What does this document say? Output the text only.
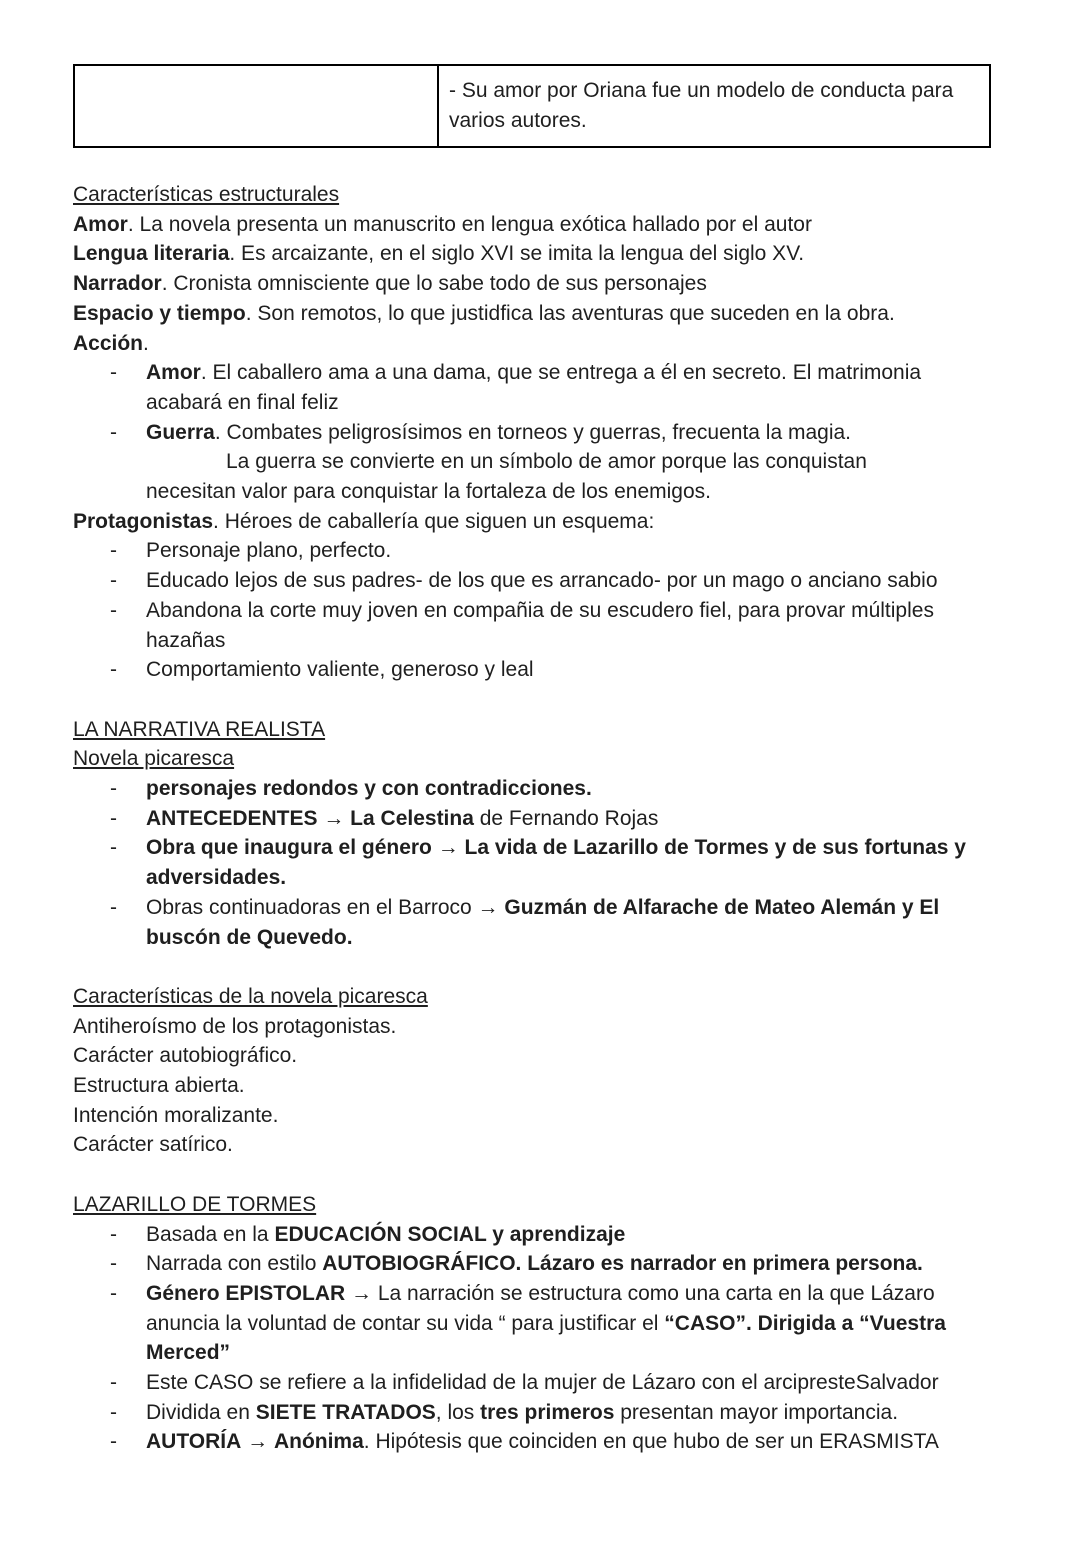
	- Su amor por Oriana fue un modelo de conducta para varios autores.
Características estructurales
Amor. La novela presenta un manuscrito en lengua exótica hallado por el autor
Lengua literaria. Es arcaizante, en el siglo XVI se imita la lengua del siglo XV.
Narrador. Cronista omnisciente que lo sabe todo de sus personajes
Espacio y tiempo. Son remotos, lo que justidfica las aventuras que suceden en la obra.
Acción.
- Amor. El caballero ama a una dama, que se entrega a él en secreto. El matrimonia acabará en final feliz
- Guerra. Combates peligrosísimos en torneos y guerras, frecuenta la magia.
La guerra se convierte en un símbolo de amor porque las conquistan
necesitan valor para conquistar la fortaleza de los enemigos.
Protagonistas. Héroes de caballería que siguen un esquema:
- Personaje plano, perfecto.
- Educado lejos de sus padres- de los que es arrancado- por un mago o anciano sabio
- Abandona la corte muy joven en compañia de su escudero fiel, para provar múltiples hazañas
- Comportamiento valiente, generoso y leal
LA NARRATIVA REALISTA
Novela picaresca
- personajes redondos y con contradicciones.
- ANTECEDENTES → La Celestina de Fernando Rojas
- Obra que inaugura el género → La vida de Lazarillo de Tormes y de sus fortunas y adversidades.
- Obras continuadoras en el Barroco → Guzmán de Alfarache de Mateo Alemán y El buscón de Quevedo.
Características de la novela picaresca
Antiheroísmo de los protagonistas.
Carácter autobiográfico.
Estructura abierta.
Intención moralizante.
Carácter satírico.
LAZARILLO DE TORMES
- Basada en la EDUCACIÓN SOCIAL y aprendizaje
- Narrada con estilo AUTOBIOGRÁFICO. Lázaro es narrador en primera persona.
- Género EPISTOLAR → La narración se estructura como una carta en la que Lázaro anuncia la voluntad de contar su vida “ para justificar el “CASO”. Dirigida a “Vuestra Merced”
- Este CASO se refiere a la infidelidad de la mujer de Lázaro con el arcipresteSalvador
- Dividida en SIETE TRATADOS, los tres primeros presentan mayor importancia.
- AUTORÍA → Anónima. Hipótesis que coinciden en que hubo de ser un ERASMISTA
